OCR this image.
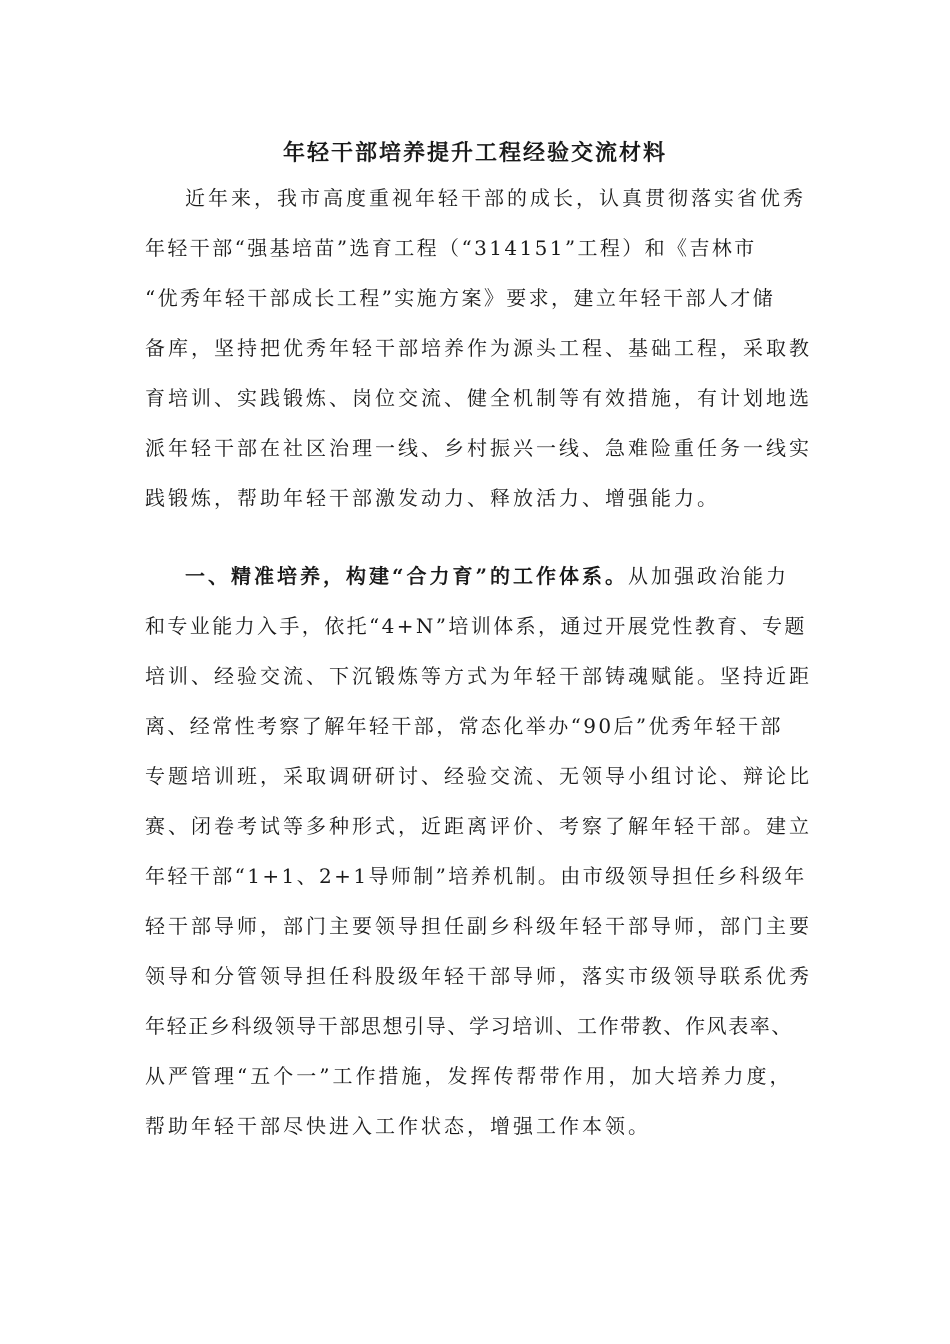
年轻干部培养提升工程经验交流材料
近年来，我市高度重视年轻干部的成长，认真贯彻落实省优秀
年轻干部“强基培苗”选育工程（“314151”工程）和《吉林市
“优秀年轻干部成长工程”实施方案》要求，建立年轻干部人才储
备库，坚持把优秀年轻干部培养作为源头工程、基础工程，采取教
育培训、实践锻炼、岗位交流、健全机制等有效措施，有计划地选
派年轻干部在社区治理一线、乡村振兴一线、急难险重任务一线实
践锻炼，帮助年轻干部激发动力、释放活力、增强能力。
一、精准培养，构建“合力育”的工作体系。从加强政治能力
和专业能力入手，依托“4+N”培训体系，通过开展党性教育、专题
培训、经验交流、下沉锻炼等方式为年轻干部铸魂赋能。坚持近距
离、经常性考察了解年轻干部，常态化举办“90后”优秀年轻干部
专题培训班，采取调研研讨、经验交流、无领导小组讨论、辩论比
赛、闭卷考试等多种形式，近距离评价、考察了解年轻干部。建立
年轻干部“1+1、2+1导师制”培养机制。由市级领导担任乡科级年
轻干部导师，部门主要领导担任副乡科级年轻干部导师，部门主要
领导和分管领导担任科股级年轻干部导师，落实市级领导联系优秀
年轻正乡科级领导干部思想引导、学习培训、工作带教、作风表率、
从严管理“五个一”工作措施，发挥传帮带作用，加大培养力度，
帮助年轻干部尽快进入工作状态，增强工作本领。
